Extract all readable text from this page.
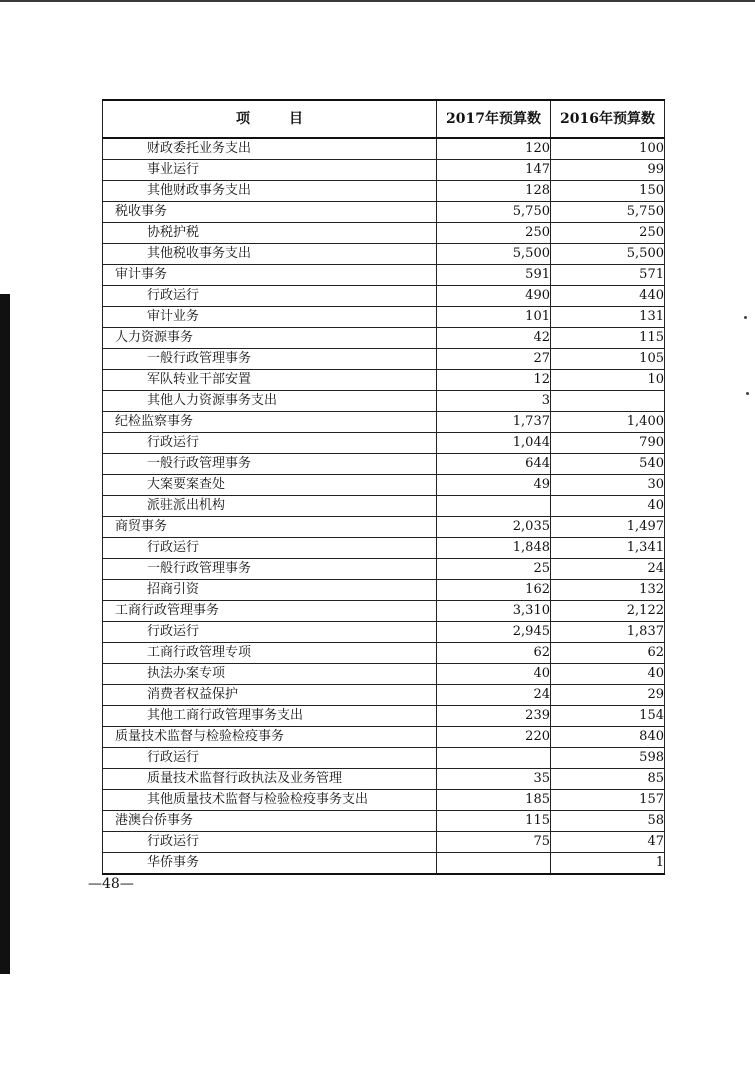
项        目	2017年预算数	2016年预算数
财政委托业务支出	120	100
事业运行	147	99
其他财政事务支出	128	150
税收事务	5,750	5,750
协税护税	250	250
其他税收事务支出	5,500	5,500
审计事务	591	571
行政运行	490	440
审计业务	101	131
人力资源事务	42	115
一般行政管理事务	27	105
军队转业干部安置	12	10
其他人力资源事务支出	3	
纪检监察事务	1,737	1,400
行政运行	1,044	790
一般行政管理事务	644	540
大案要案查处	49	30
派驻派出机构		40
商贸事务	2,035	1,497
行政运行	1,848	1,341
一般行政管理事务	25	24
招商引资	162	132
工商行政管理事务	3,310	2,122
行政运行	2,945	1,837
工商行政管理专项	62	62
执法办案专项	40	40
消费者权益保护	24	29
其他工商行政管理事务支出	239	154
质量技术监督与检验检疫事务	220	840
行政运行		598
质量技术监督行政执法及业务管理	35	85
其他质量技术监督与检验检疫事务支出	185	157
港澳台侨事务	115	58
行政运行	75	47
华侨事务		1
—48—
